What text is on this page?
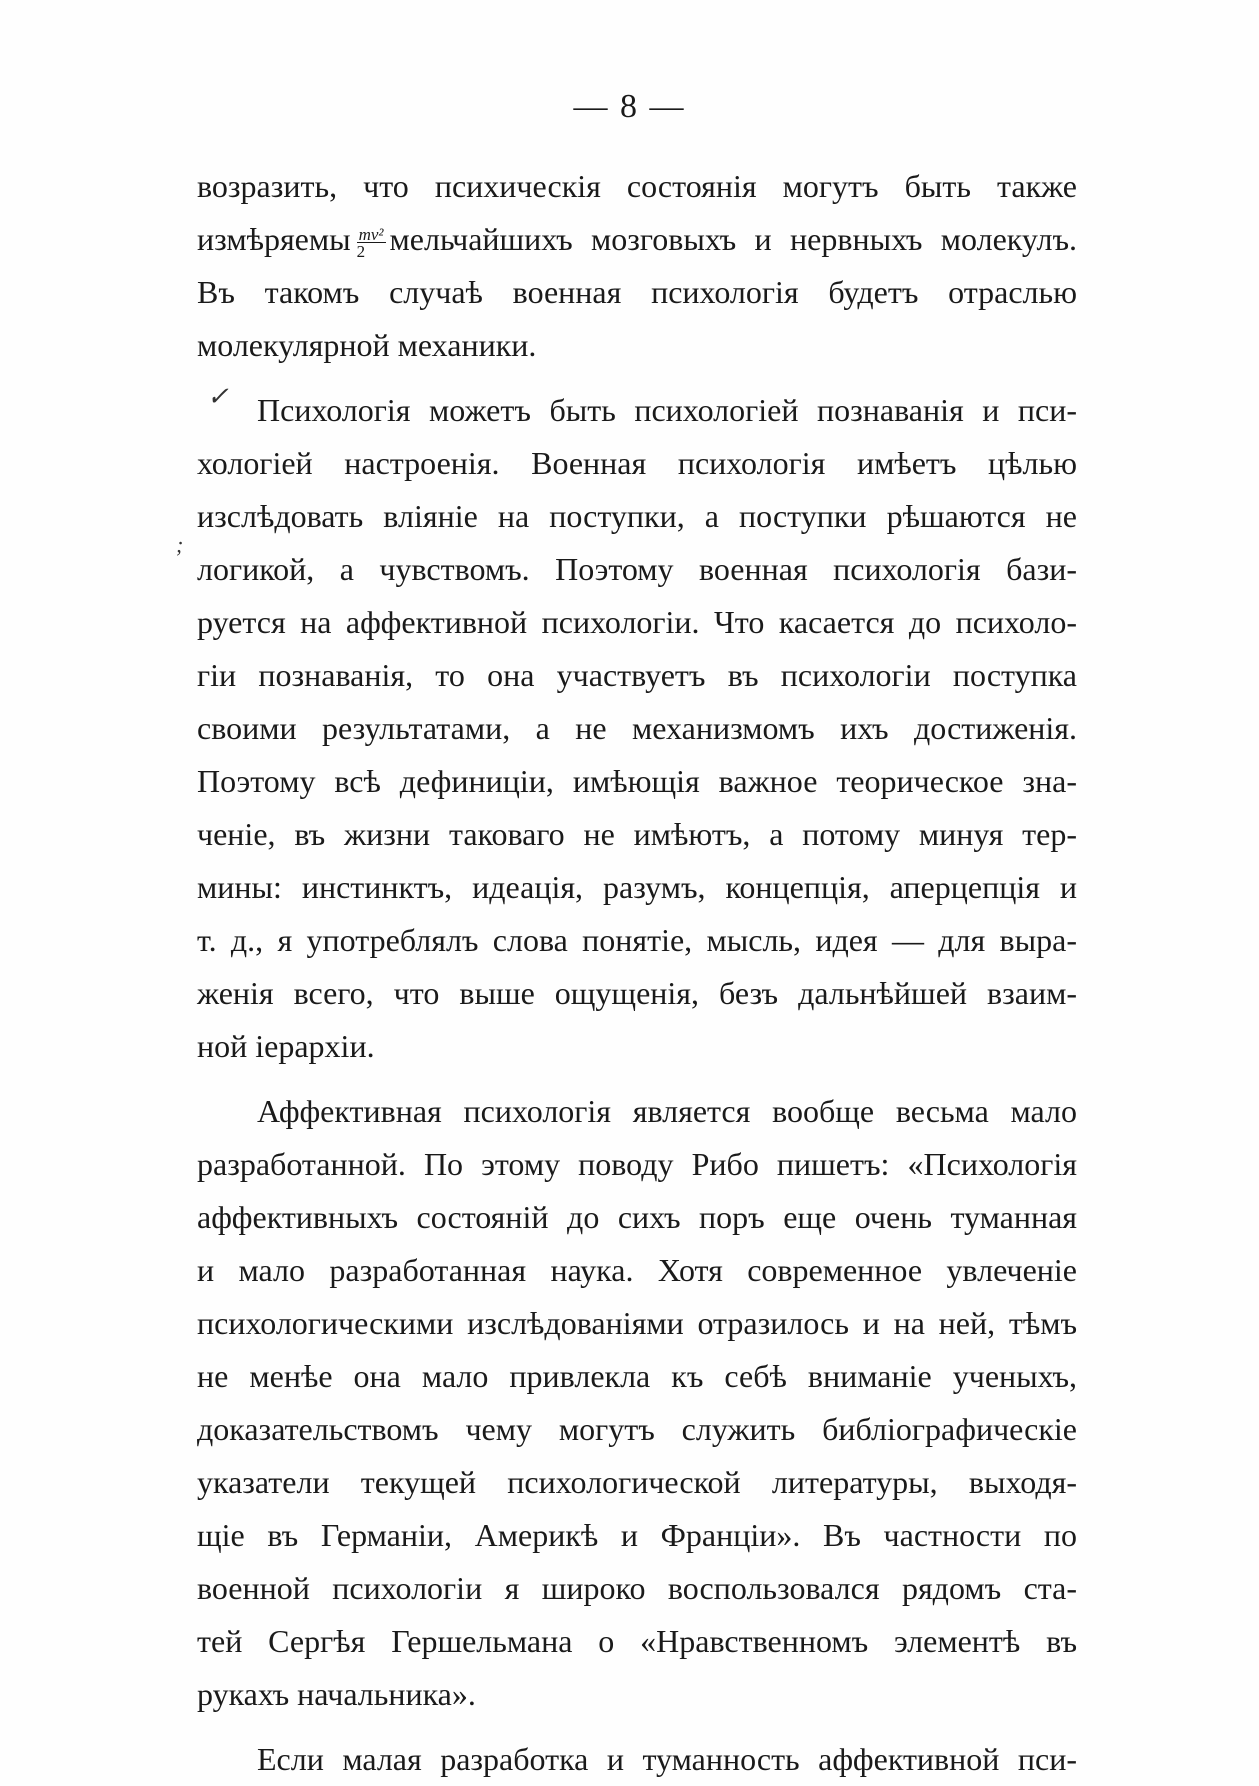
— 8 —
✓
;
возразить, что психическія состоянія могутъ быть также
измѣряемы $\frac{\text{mv²}}{2}$ мельчайшихъ мозговыхъ и нервныхъ молекулъ.
Въ такомъ случаѣ военная психологія будетъ отраслью
молекулярной механики.
Психологія можетъ быть психологіей познаванія и пси-
хологіей настроенія. Военная психологія имѣетъ цѣлью
изслѣдовать вліяніе на поступки, а поступки рѣшаются не
логикой, а чувствомъ. Поэтому военная психологія бази-
руется на аффективной психологіи. Что касается до психоло-
гіи познаванія, то она участвуетъ въ психологіи поступка
своими результатами, а не механизмомъ ихъ достиженія.
Поэтому всѣ дефиниціи, имѣющія важное теорическое зна-
ченіе, въ жизни таковаго не имѣютъ, а потому минуя тер-
мины: инстинктъ, идеація, разумъ, концепція, аперцепція и
т. д., я употреблялъ слова понятіе, мысль, идея — для выра-
женія всего, что выше ощущенія, безъ дальнѣйшей взаим-
ной іерархіи.
Аффективная психологія является вообще весьма мало
разработанной. По этому поводу Рибо пишетъ: «Психологія
аффективныхъ состояній до сихъ поръ еще очень туманная
и мало разработанная наука. Хотя современное увлеченіе
психологическими изслѣдованіями отразилось и на ней, тѣмъ
не менѣе она мало привлекла къ себѣ вниманіе ученыхъ,
доказательствомъ чему могутъ служить библіографическіе
указатели текущей психологической литературы, выходя-
щіе въ Германіи, Америкѣ и Франціи». Въ частности по
военной психологіи я широко воспользовался рядомъ ста-
тей Сергѣя Гершельмана о «Нравственномъ элементѣ въ
рукахъ начальника».
Если малая разработка и туманность аффективной пси-
